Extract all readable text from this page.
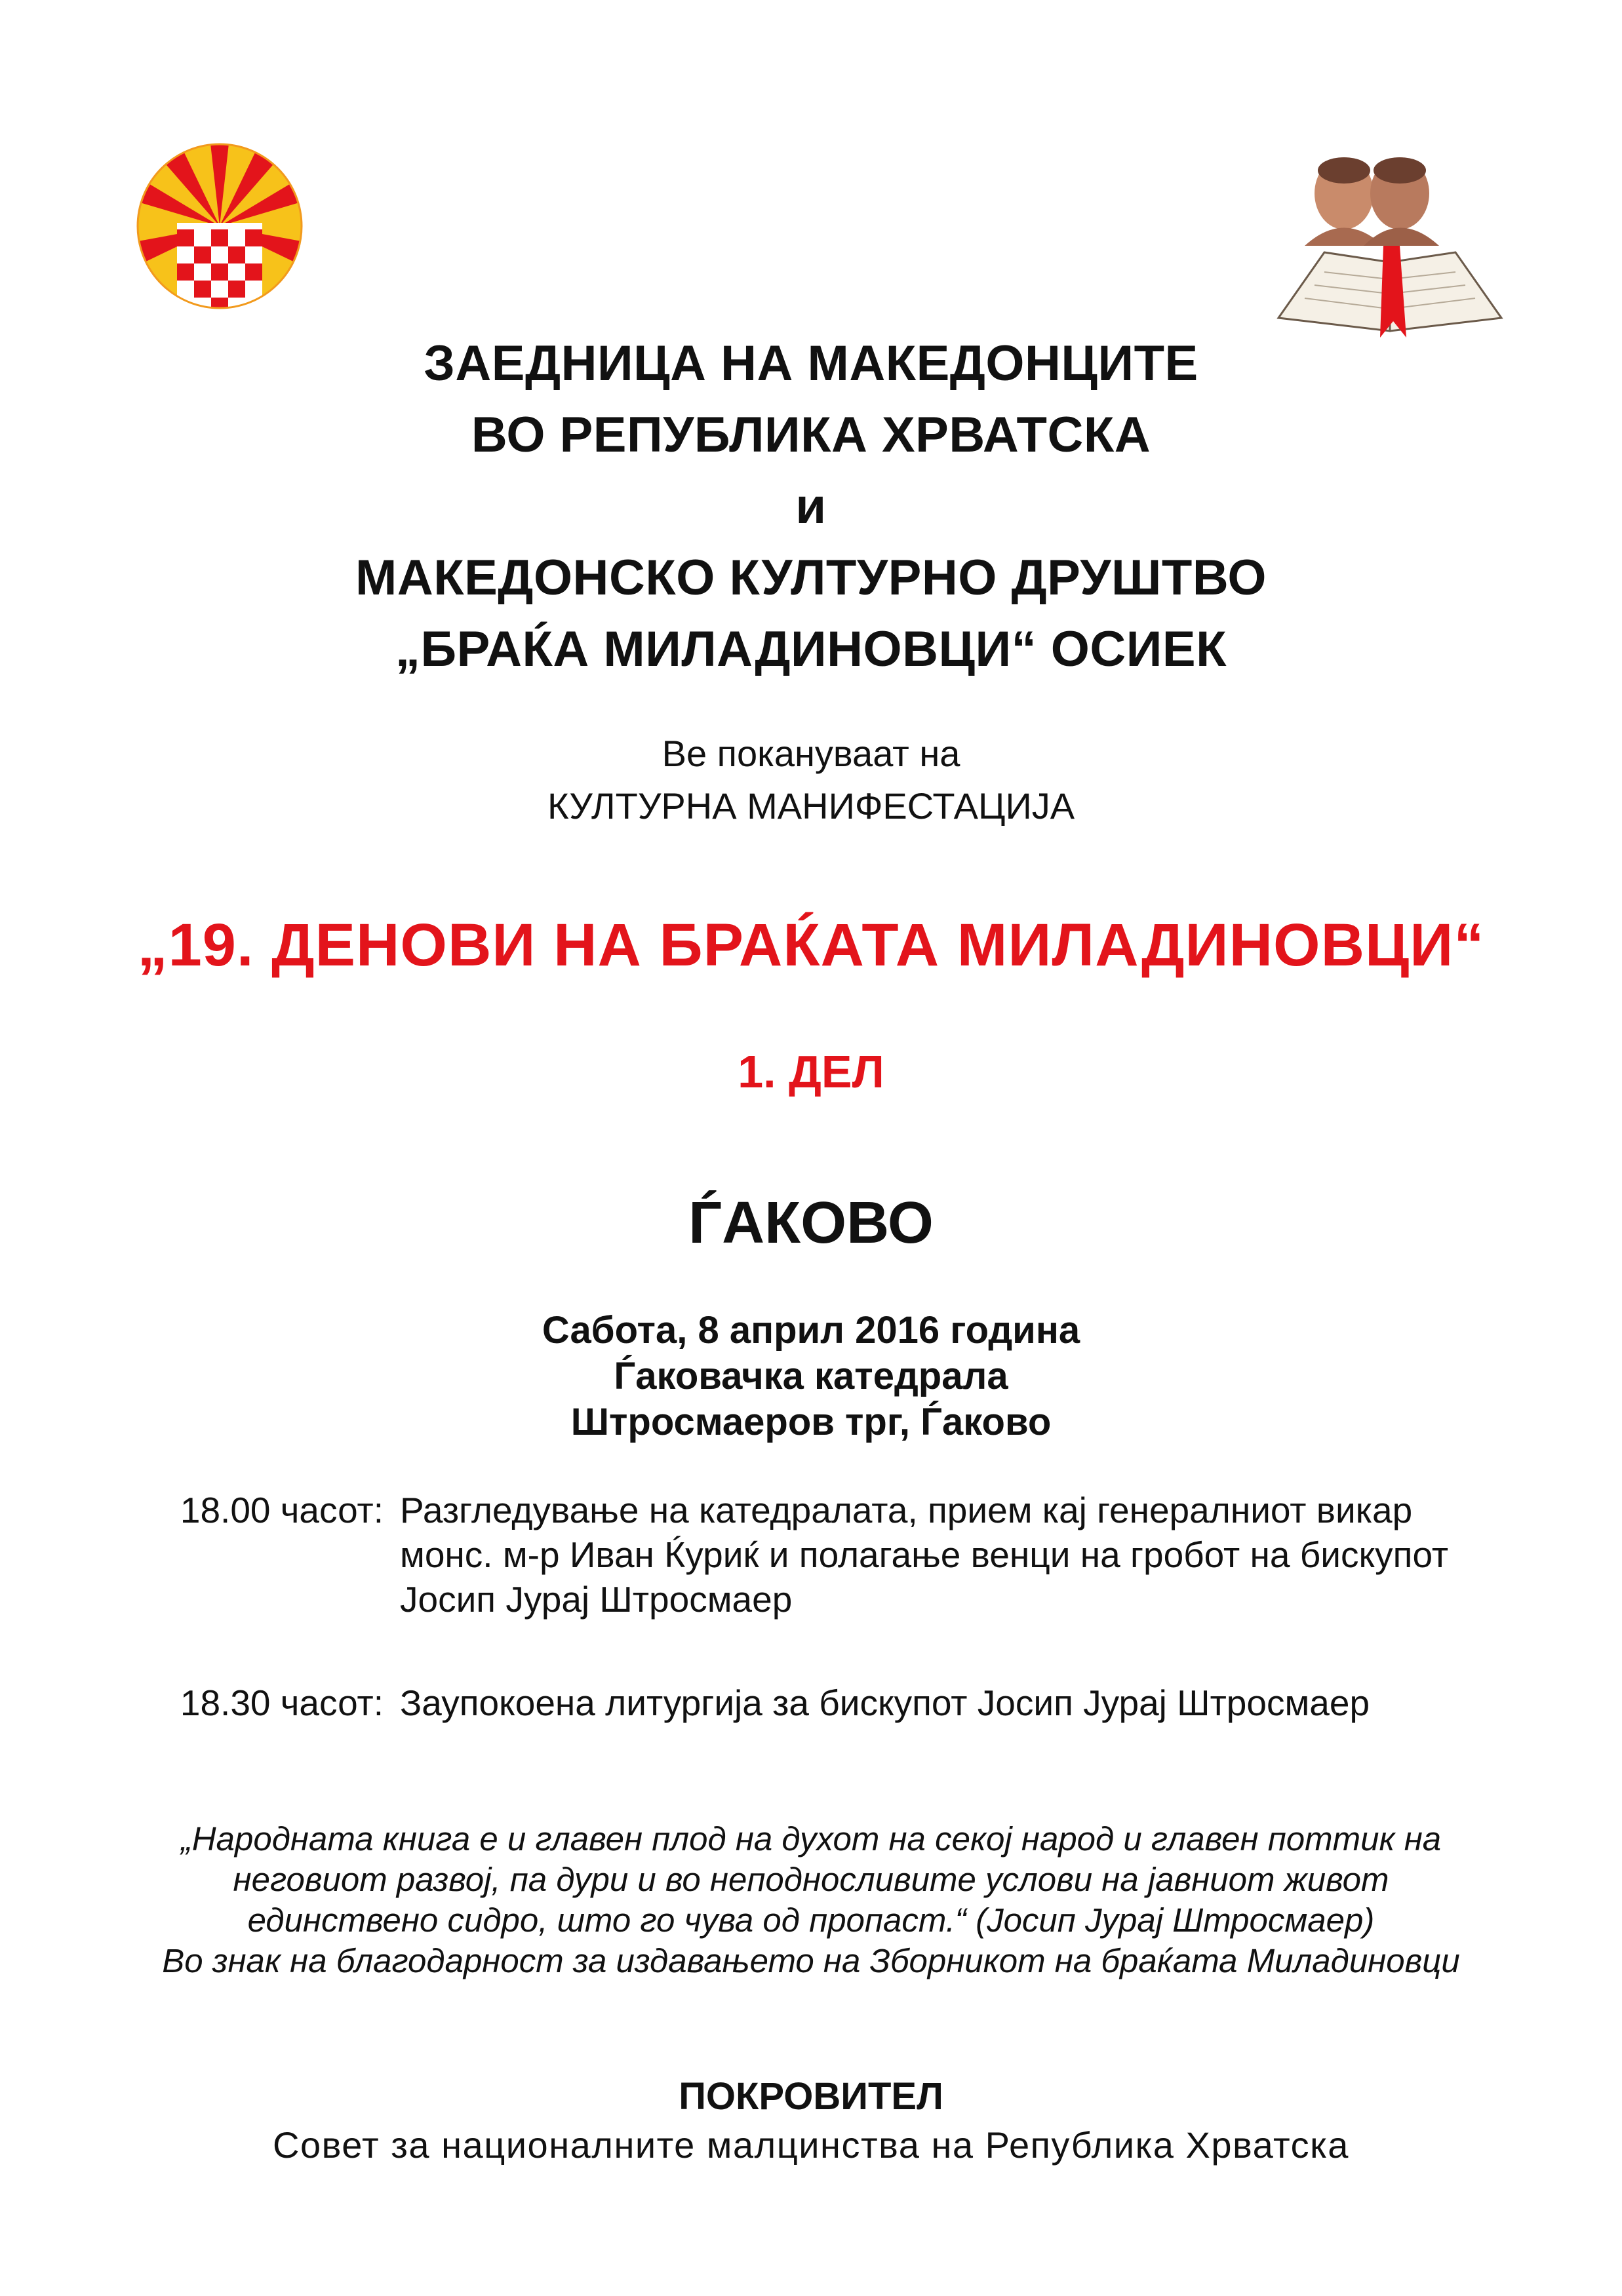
ЗАЕДНИЦА НА МАКЕДОНЦИТЕ
ВО РЕПУБЛИКА ХРВАТСКА
и
МАКЕДОНСКО КУЛТУРНО ДРУШТВО
„БРАЌА МИЛАДИНОВЦИ“ ОСИЕК
Ве покануваат на
КУЛТУРНА МАНИФЕСТАЦИЈА
„19. ДЕНОВИ НА БРАЌАТА МИЛАДИНОВЦИ“
1. ДЕЛ
ЃАКОВО
Сабота, 8 април 2016 година
Ѓаковачка катедрала
Штросмаеров трг, Ѓаково
18.00 часот: Разгледување на катедралата, прием кај генералниот викар монс. м-р Иван Ќуриќ и полагање венци на гробот на бискупот Јосип Јурај Штросмаер
18.30 часот: Заупокоена литургија за бискупот Јосип Јурај Штросмаер
„Народната книга е и главен плод на духот на секој народ и главен поттик на
неговиот развој, па дури и во неподносливите услови на јавниот живот
единствено сидро, што го чува од пропаст.“ (Јосип Јурај Штросмаер)
Во знак на благодарност за издавањето на Зборникот на браќата Миладиновци
ПОКРОВИТЕЛ
Совет за националните малцинства на Република Хрватска
